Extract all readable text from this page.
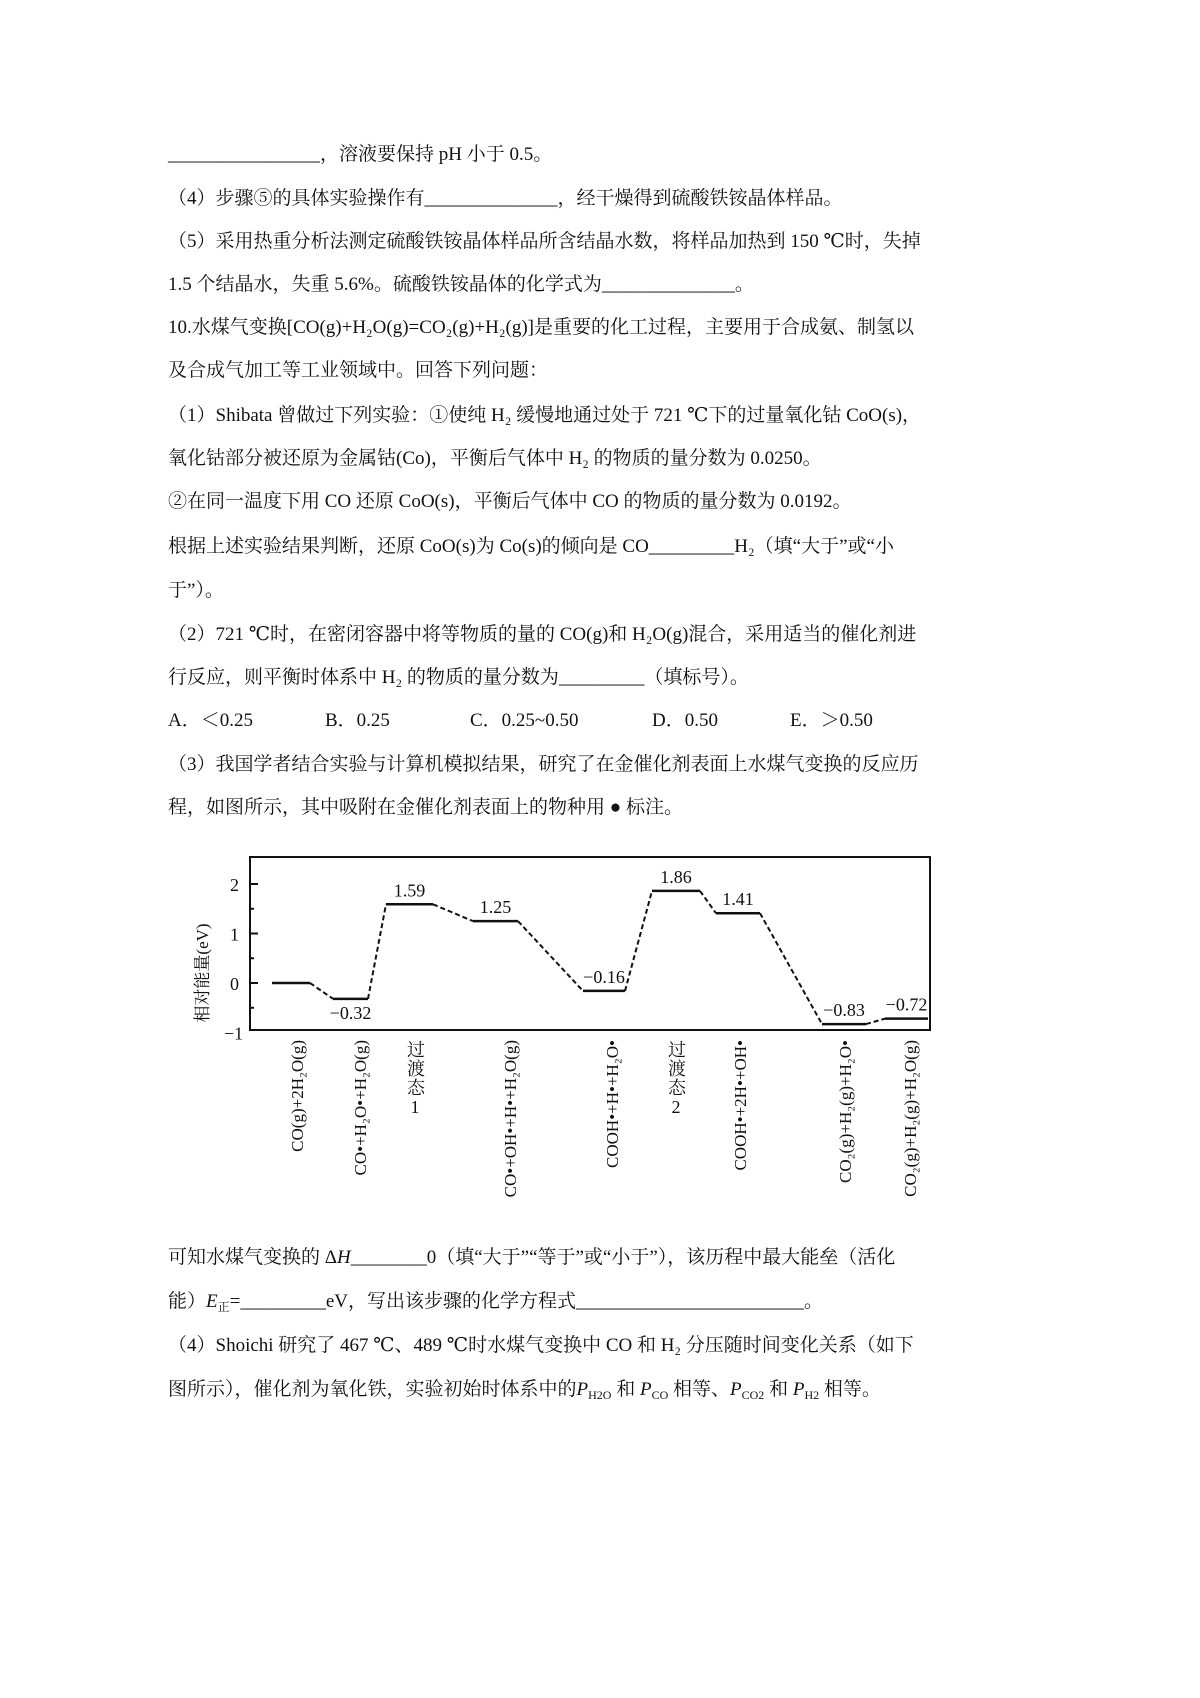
________________，溶液要保持 pH 小于 0.5。
（4）步骤⑤的具体实验操作有______________，经干燥得到硫酸铁铵晶体样品。
（5）采用热重分析法测定硫酸铁铵晶体样品所含结晶水数，将样品加热到 150 ℃时，失掉
1.5 个结晶水，失重 5.6%。硫酸铁铵晶体的化学式为______________。
10.水煤气变换[CO(g)+H₂O(g)=CO₂(g)+H₂(g)]是重要的化工过程，主要用于合成氨、制氢以
及合成气加工等工业领域中。回答下列问题：
（1）Shibata 曾做过下列实验：①使纯 H₂ 缓慢地通过处于 721 ℃下的过量氧化钴 CoO(s)，
氧化钴部分被还原为金属钴(Co)，平衡后气体中 H₂ 的物质的量分数为 0.0250。
②在同一温度下用 CO 还原 CoO(s)，平衡后气体中 CO 的物质的量分数为 0.0192。
根据上述实验结果判断，还原 CoO(s)为 Co(s)的倾向是 CO_________H₂（填“大于”或“小
于”）。
（2）721 ℃时，在密闭容器中将等物质的量的 CO(g)和 H₂O(g)混合，采用适当的催化剂进
行反应，则平衡时体系中 H₂ 的物质的量分数为_________（填标号）。
A．＜0.25	B．0.25	C．0.25~0.50	D．0.50	E．＞0.50
（3）我国学者结合实验与计算机模拟结果，研究了在金催化剂表面上水煤气变换的反应历
程，如图所示，其中吸附在金催化剂表面上的物种用 ● 标注。
2
1
0
−1
相对能量(eV)
CO(g)+2H₂O(g)
−0.32
CO•+H₂O•+H₂O(g)
1.59
1.25
CO•+OH•+H•+H₂O(g)
−0.16
COOH•+H•+H₂O•
1.86
1.41
COOH•+2H•+OH•
−0.83
CO₂(g)+H₂(g)+H₂O•
−0.72
CO₂(g)+H₂(g)+H₂O(g)
过渡态1	过渡态2
可知水煤气变换的 ΔH________0（填“大于”“等于”或“小于”），该历程中最大能垒（活化
能）$E_正=\_\_\_\_\_\_\_\_\_eV$，写出该步骤的化学方程式________________________。
（4）Shoichi 研究了 467 ℃、489 ℃时水煤气变换中 CO 和 H₂ 分压随时间变化关系（如下
图所示），催化剂为氧化铁，实验初始时体系中的$P_{H2O}$ 和 $P_{CO}$ 相等、$P_{CO2}$ 和 $P_{H2}$ 相等。
